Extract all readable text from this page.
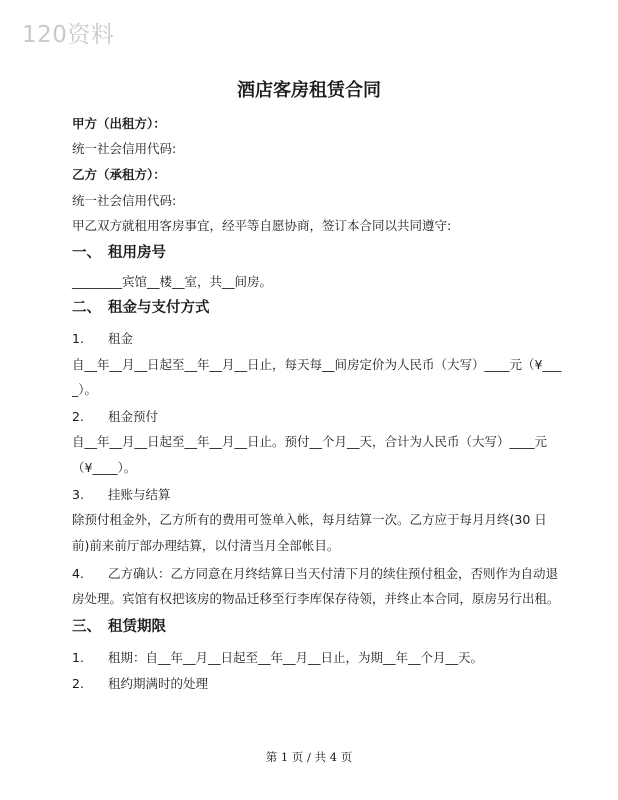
120资料
酒店客房租赁合同
甲方（出租方）：
统一社会信用代码:
乙方（承租方）：
统一社会信用代码:
甲乙双方就租用客房事宜，经平等自愿协商，签订本合同以共同遵守:
一、 租用房号
________宾馆__楼__室，共__间房。
二、 租金与支付方式
1. 租金
自__年__月__日起至__年__月__日止，每天每__间房定价为人民币（大写）____元（¥___
_）。
2. 租金预付
自__年__月__日起至__年__月__日止。预付__个月__天，合计为人民币（大写）____元
（¥____）。
3. 挂账与结算
除预付租金外，乙方所有的费用可签单入帐，每月结算一次。乙方应于每月月终(30 日
前)前来前厅部办理结算，以付清当月全部帐目。
4. 乙方确认：乙方同意在月终结算日当天付清下月的续住预付租金，否则作为自动退
房处理。宾馆有权把该房的物品迁移至行李库保存待领，并终止本合同，原房另行出租。
三、 租赁期限
1. 租期：自__年__月__日起至__年__月__日止，为期__年__个月__天。
2. 租约期满时的处理
第 1 页 / 共 4 页
